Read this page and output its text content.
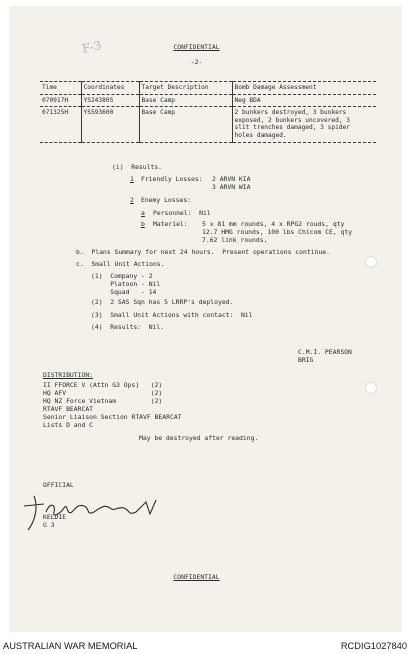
F-3	CONFIDENTIAL
-2-
Time	Coordinates	Target Description	Bomb Damage Assessment
070917H	YS243805	Base Camp	Neg BDA
071325H	YS593600	Base Camp	2 bunkers destroyed, 3 bunkers
exposed, 2 bunkers uncovered, 3
slit trenches damaged, 3 spider
holes damaged.
(i)  Results.
1 Friendly Losses: 2 ARVN KIA
3 ARVN WIA
2 Enemy Losses:
a Personnel:  Nil
b Materiel: 5 x 81 mm rounds, 4 x RPG2 rouds, qty
12.7 HMG rounds, 100 lbs Chicom CE, qty
7.62 link rounds.
b.  Plans Summary for next 24 hours.  Present operations continue.
c.  Small Unit Actions.
(1)  Company - 2
Platoon - Nil
Squad   - 14
(2)  2 SAS Sqn has 5 LRRP's deployed.
(3)  Small Unit Actions with contact:  Nil
(4)  Results:  Nil.
C.M.I. PEARSON
BRIG
DISTRIBUTION:
II FFORCE V (Attn G3 Ops)   (2)
HQ AFV                      (2)
HQ NZ Force Vietnam         (2)
RTAVF BEARCAT
Senior Liaison Section RTAVF BEARCAT
Lists D and C
May be destroyed after reading.
OFFICIAL
KELDIE
G 3
CONFIDENTIAL
AUSTRALIAN WAR MEMORIAL	RCDIG1027840
